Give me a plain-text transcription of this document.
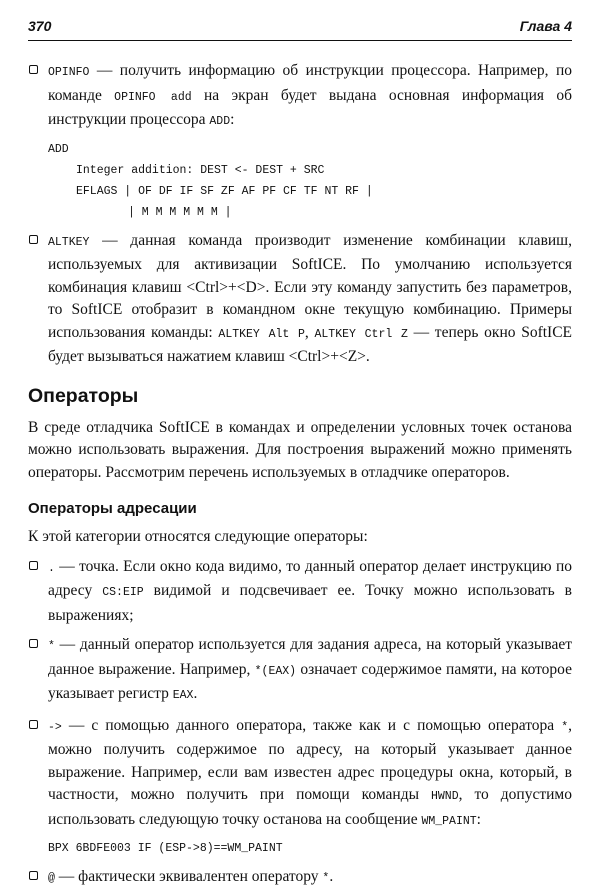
370	Глава 4
OPINFO — получить информацию об инструкции процессора. Например, по команде OPINFO add на экран будет выдана основная информация об инструкции процессора ADD:
ADD
Integer addition: DEST <- DEST + SRC
EFLAGS | OF DF IF SF ZF AF PF CF TF NT RF |
| M M M M M M |
ALTKEY — данная команда производит изменение комбинации клавиш, используемых для активизации SoftICE. По умолчанию используется комбинация клавиш <Ctrl>+<D>. Если эту команду запустить без параметров, то SoftICE отобразит в командном окне текущую комбинацию. Примеры использования команды: ALTKEY Alt P, ALTKEY Ctrl Z — теперь окно SoftICE будет вызываться нажатием клавиш <Ctrl>+<Z>.
Операторы

В среде отладчика SoftICE в командах и определении условных точек останова можно использовать выражения. Для построения выражений можно применять операторы. Рассмотрим перечень используемых в отладчике операторов.

Операторы адресации

К этой категории относятся следующие операторы:

. — точка. Если окно кода видимо, то данный оператор делает инструкцию по адресу CS:EIP видимой и подсвечивает ее. Точку можно использовать в выражениях;
* — данный оператор используется для задания адреса, на который указывает данное выражение. Например, *(EAX) означает содержимое памяти, на которое указывает регистр EAX.
-> — с помощью данного оператора, также как и с помощью оператора *, можно получить содержимое по адресу, на который указывает данное выражение. Например, если вам известен адрес процедуры окна, который, в частности, можно получить при помощи команды HWND, то допустимо использовать следующую точку останова на сообщение WM_PAINT:
BPX 6BDFE003 IF (ESP->8)==WM_PAINT
@ — фактически эквивалентен оператору *.
